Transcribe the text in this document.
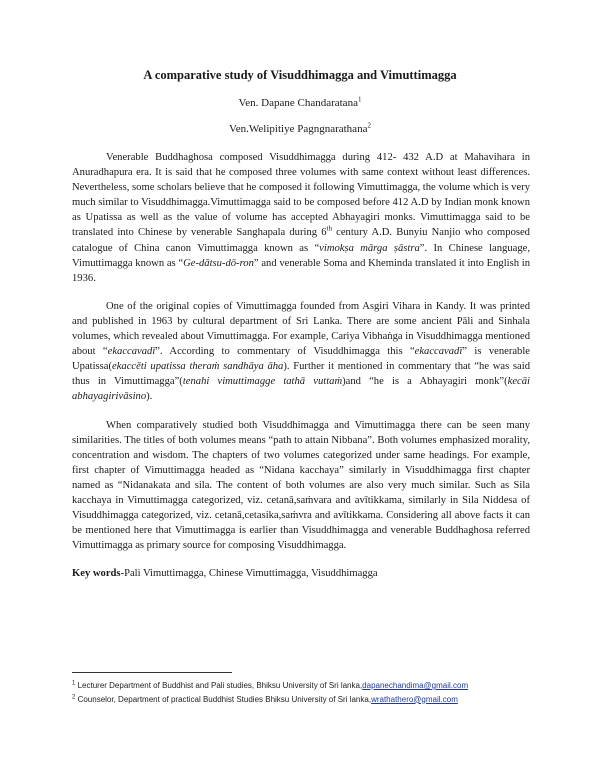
A comparative study of Visuddhimagga and Vimuttimagga
Ven. Dapane Chandaratana$^1$
Ven.Welipitiye Pagngnarathana$^2$

Venerable Buddhaghosa composed Visuddhimagga during 412- 432 A.D at Mahavihara in Anuradhapura era. It is said that he composed three volumes with same context without least differences. Nevertheless, some scholars believe that he composed it following Vimuttimagga, the volume which is very much similar to Visuddhimagga.Vimuttimagga said to be composed before 412 A.D by Indian monk known as Upatissa as well as the value of volume has accepted Abhayagiri monks. Vimuttimagga said to be translated into Chinese by venerable Sanghapala during 6th century A.D. Bunyiu Nanjio who composed catalogue of China canon Vimuttimagga known as “vimokṣa mārga ṣāstra”. In Chinese language, Vimuttimagga known as “Ge-dātsu-dō-ron” and venerable Soma and Kheminda translated it into English in 1936.

One of the original copies of Vimuttimagga founded from Asgiri Vihara in Kandy. It was printed and published in 1963 by cultural department of Sri Lanka. There are some ancient Pāli and Sinhala volumes, which revealed about Vimuttimagga. For example, Cariya Vibhaṅga in Visuddhimagga mentioned about “ekaccavadī”. According to commentary of Visuddhimagga this “ekaccavadī” is venerable Upatissa(ekaccēti upatissa theraṁ sandhāya āha). Further it mentioned in commentary that “he was said thus in Vimuttimagga”(tenahi vimuttimagge tathā vuttaṁ)and “he is a Abhayagiri monk”(kecāi abhayagirivāsino).

When comparatively studied both Visuddhimagga and Vimuttimagga there can be seen many similarities. The titles of both volumes means “path to attain Nibbana”. Both volumes emphasized morality, concentration and wisdom. The chapters of two volumes categorized under same headings. For example, first chapter of Vimuttimagga headed as “Nidana kacchaya” similarly in Visuddhimagga first chapter named as “Nidanakata and sila. The content of both volumes are also very much similar. Such as Sila kacchaya in Vimuttimagga categorized, viz. cetanā,saṁvara and avītikkama, similarly in Sila Niddesa of Visuddhimagga categorized, viz. cetanā,cetasika,saṁvra and avītikkama. Considering all above facts it can be mentioned here that Vimuttimagga is earlier than Visuddhimagga and venerable Buddhaghosa referred Vimuttimagga as primary source for composing Visuddhimagga.

Key words-Pali Vimuttimagga, Chinese Vimuttimagga, Visuddhimagga

$^1$ Lecturer Department of Buddhist and Pali studies, Bhiksu University of Sri lanka,dapanechandima@gmail.com
$^2$ Counselor, Department of practical Buddhist Studies Bhiksu University of Sri lanka,wrathathero@gmail.com
